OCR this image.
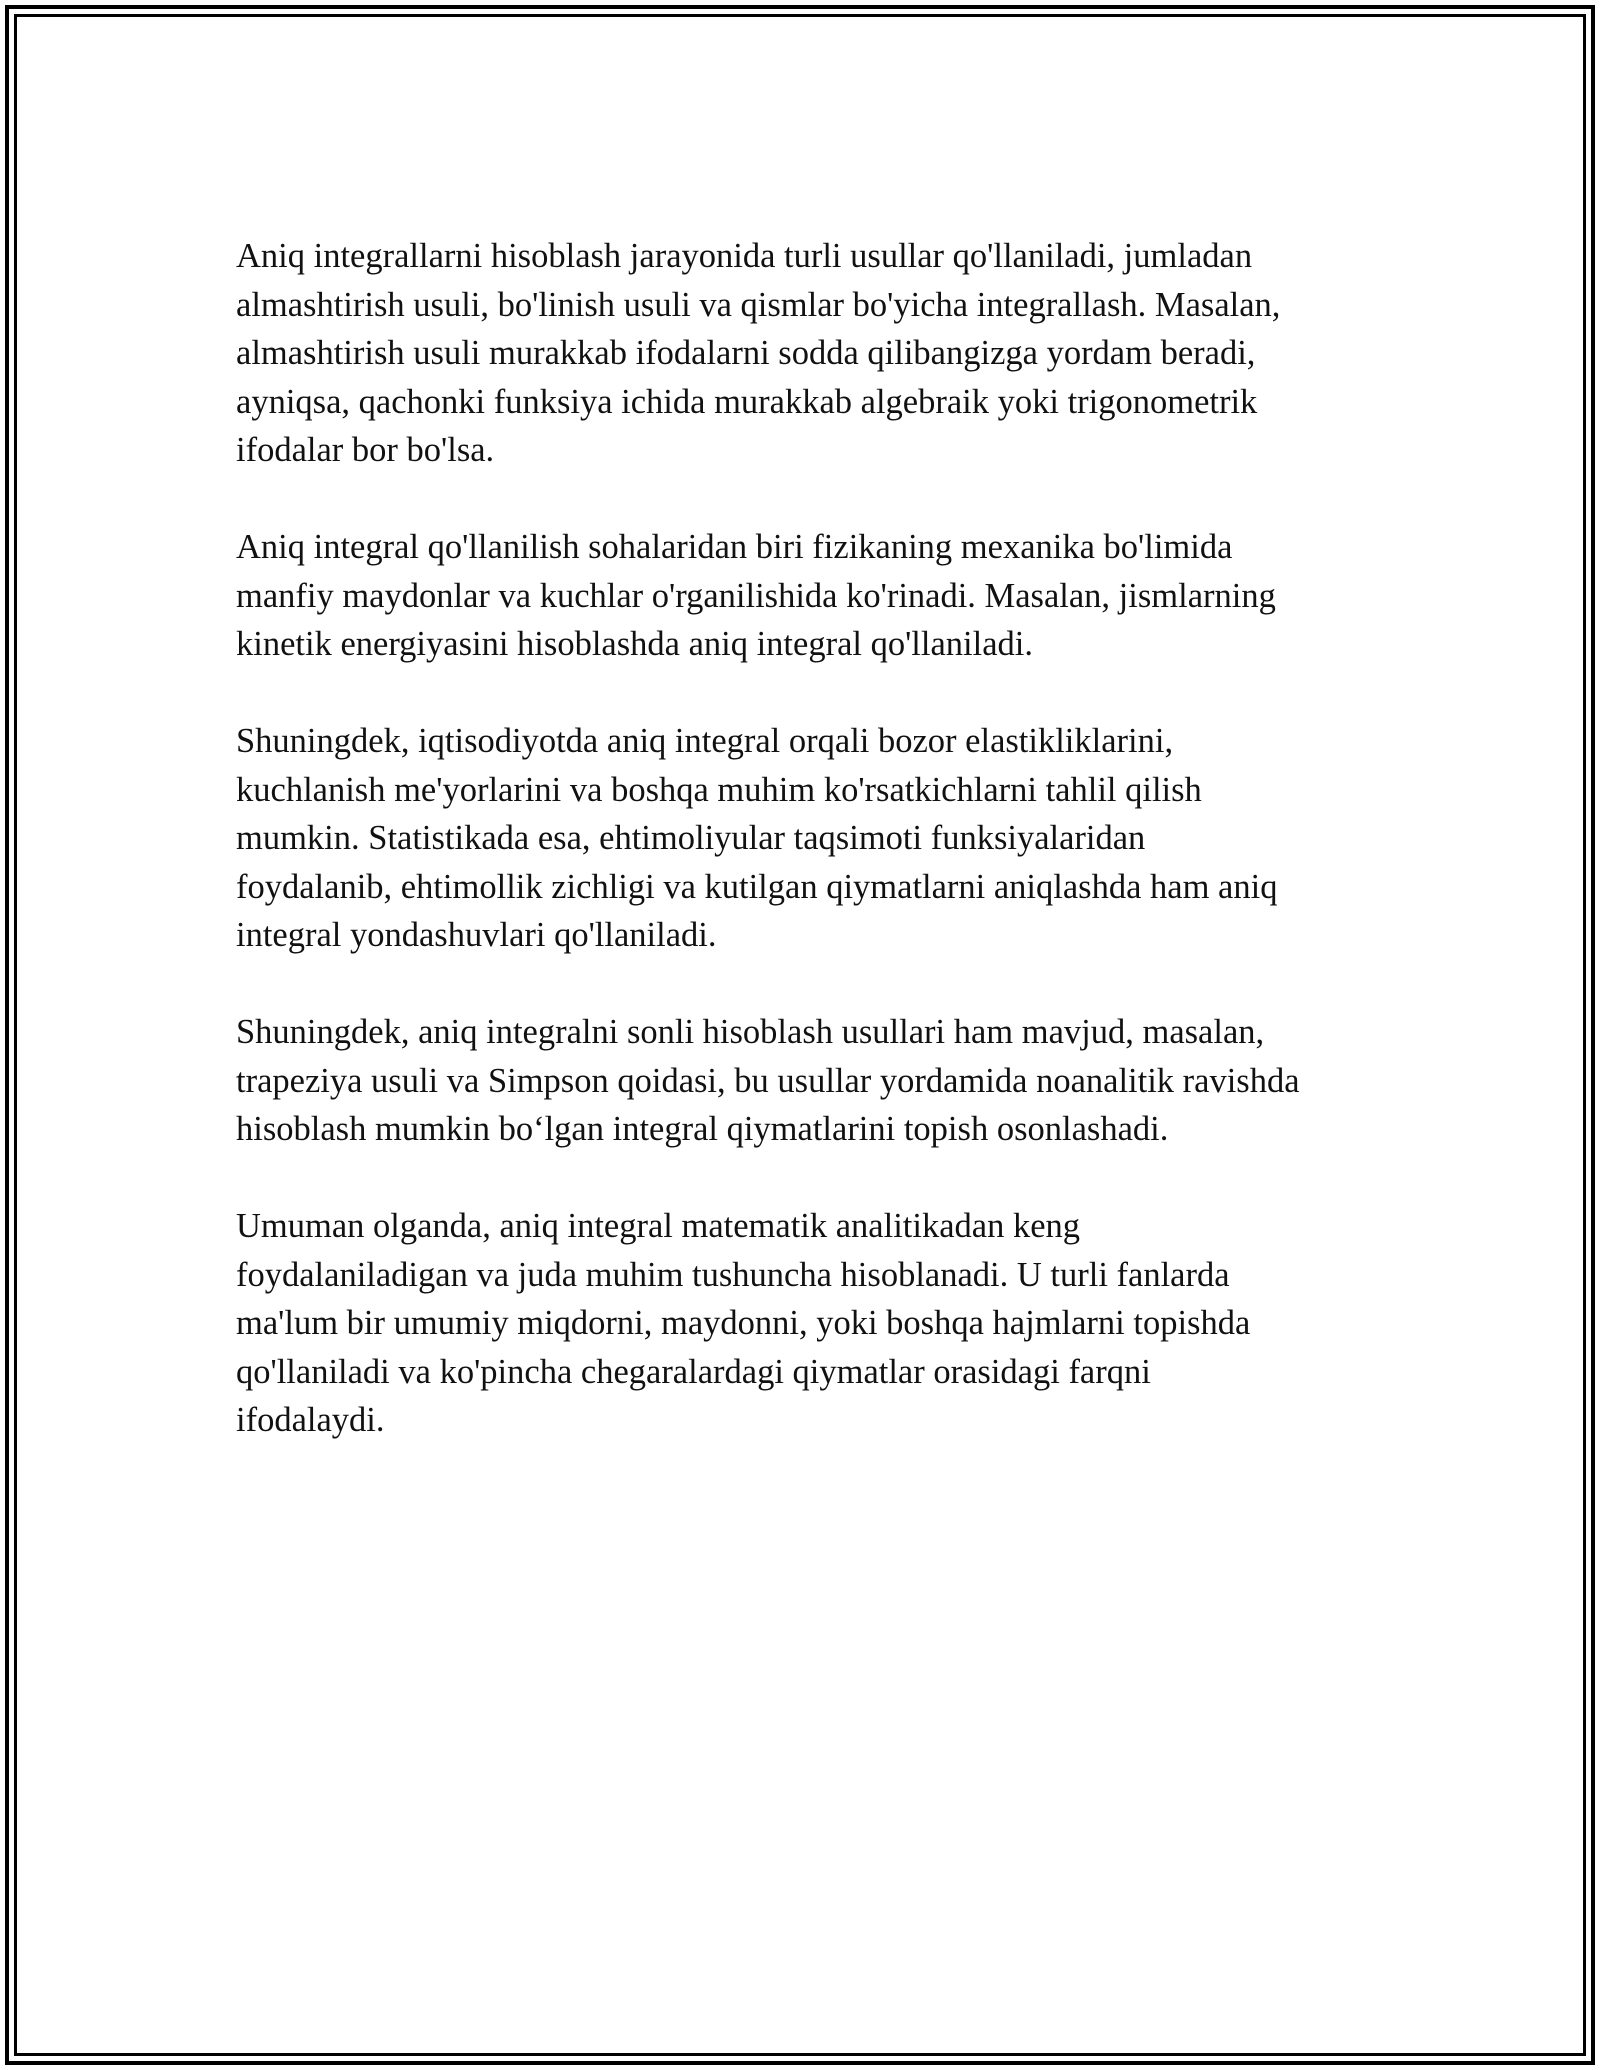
Aniq integrallarni hisoblash jarayonida turli usullar qo'llaniladi, jumladan
almashtirish usuli, bo'linish usuli va qismlar bo'yicha integrallash. Masalan,
almashtirish usuli murakkab ifodalarni sodda qilibangizga yordam beradi,
ayniqsa, qachonki funksiya ichida murakkab algebraik yoki trigonometrik
ifodalar bor bo'lsa.

Aniq integral qo'llanilish sohalaridan biri fizikaning mexanika bo'limida
manfiy maydonlar va kuchlar o'rganilishida ko'rinadi. Masalan, jismlarning
kinetik energiyasini hisoblashda aniq integral qo'llaniladi.

Shuningdek, iqtisodiyotda aniq integral orqali bozor elastikliklarini,
kuchlanish me'yorlarini va boshqa muhim ko'rsatkichlarni tahlil qilish
mumkin. Statistikada esa, ehtimoliyular taqsimoti funksiyalaridan
foydalanib, ehtimollik zichligi va kutilgan qiymatlarni aniqlashda ham aniq
integral yondashuvlari qo'llaniladi.

Shuningdek, aniq integralni sonli hisoblash usullari ham mavjud, masalan,
trapeziya usuli va Simpson qoidasi, bu usullar yordamida noanalitik ravishda
hisoblash mumkin bo‘lgan integral qiymatlarini topish osonlashadi.

Umuman olganda, aniq integral matematik analitikadan keng
foydalaniladigan va juda muhim tushuncha hisoblanadi. U turli fanlarda
ma'lum bir umumiy miqdorni, maydonni, yoki boshqa hajmlarni topishda
qo'llaniladi va ko'pincha chegaralardagi qiymatlar orasidagi farqni
ifodalaydi.
